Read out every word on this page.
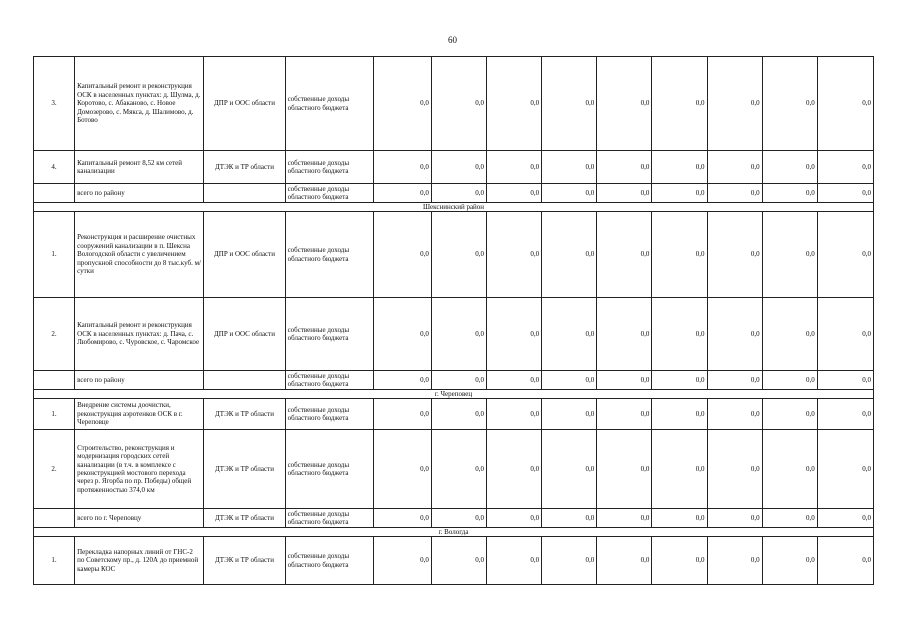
60
3.	Капитальный ремонт и реконструкция ОСК в населенных пунктах: д. Шулма, д. Коротово, с. Абаканово, с. Новое Домозерово, с. Мякса, д. Шалимово, д. Ботово	ДПР и ООС области	собственные доходы областного бюджета	0,0	0,0	0,0	0,0	0,0	0,0	0,0	0,0	0,0
4.	Капитальный ремонт 8,52 км сетей канализации	ДТЭК и ТР области	собственные доходы областного бюджета	0,0	0,0	0,0	0,0	0,0	0,0	0,0	0,0	0,0
	всего по району		собственные доходы областного бюджета	0,0	0,0	0,0	0,0	0,0	0,0	0,0	0,0	0,0
Шекснинский район												
1.	Реконструкция и расширение очистных сооружений канализации в п. Шексна Вологодской области с увеличением пропускной способности до 8 тыс.куб. м/сутки	ДПР и ООС области	собственные доходы областного бюджета	0,0	0,0	0,0	0,0	0,0	0,0	0,0	0,0	0,0
2.	Капитальный ремонт и реконструкция ОСК в населенных пунктах: д. Пача, с. Любомирово, с. Чуровское, с. Чаромское	ДПР и ООС области	собственные доходы областного бюджета	0,0	0,0	0,0	0,0	0,0	0,0	0,0	0,0	0,0
	всего по району		собственные доходы областного бюджета	0,0	0,0	0,0	0,0	0,0	0,0	0,0	0,0	0,0
г. Череповец												
1.	Внедрение системы доочистки, реконструкция аэротенков ОСК в г. Череповце	ДТЭК и ТР области	собственные доходы областного бюджета	0,0	0,0	0,0	0,0	0,0	0,0	0,0	0,0	0,0
2.	Строительство, реконструкция и модернизация городских сетей канализации (в т.ч. в комплексе с реконструкцией мостового перехода через р. Ягорба по пр. Победы) общей протяженностью 374,0 км	ДТЭК и ТР области	собственные доходы областного бюджета	0,0	0,0	0,0	0,0	0,0	0,0	0,0	0,0	0,0
	всего по г. Череповцу	ДТЭК и ТР области	собственные доходы областного бюджета	0,0	0,0	0,0	0,0	0,0	0,0	0,0	0,0	0,0
г. Вологда												
1.	Перекладка напорных линий от ГНС-2 по Советскому пр., д. 120А до приемной камеры КОС	ДТЭК и ТР области	собственные доходы областного бюджета	0,0	0,0	0,0	0,0	0,0	0,0	0,0	0,0	0,0
